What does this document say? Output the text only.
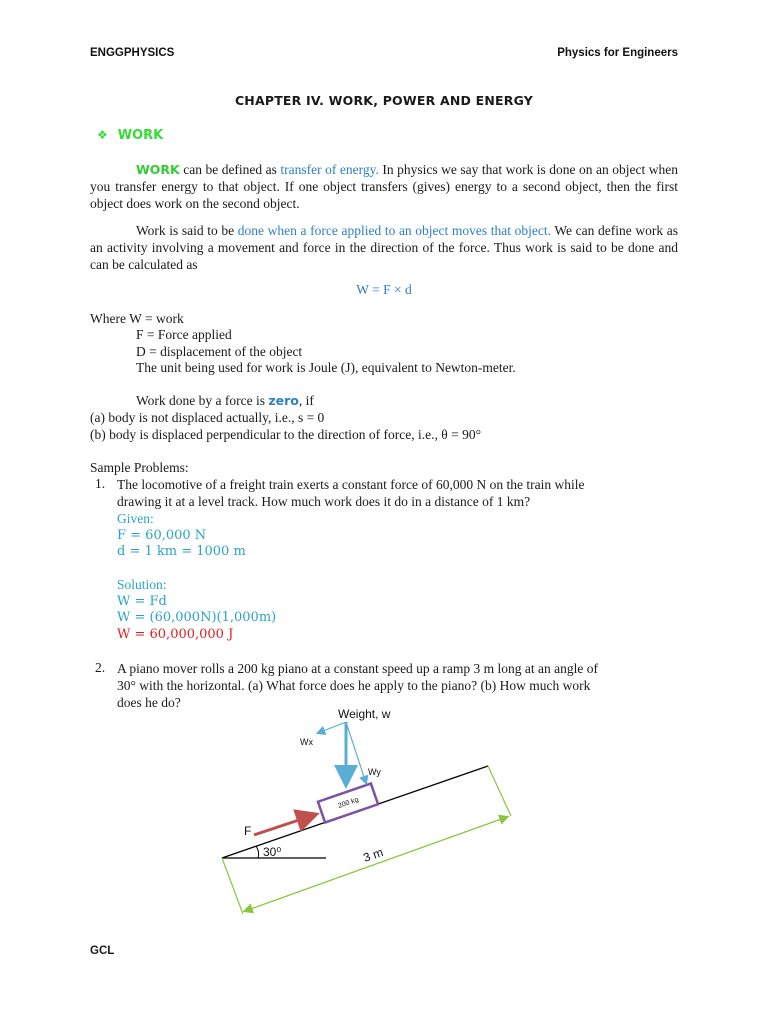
ENGGPHYSICS	Physics for Engineers
CHAPTER IV. WORK, POWER AND ENERGY
❖ WORK
WORK can be defined as transfer of energy. In physics we say that work is done on an object when you transfer energy to that object. If one object transfers (gives) energy to a second object, then the first object does work on the second object.
Work is said to be done when a force applied to an object moves that object. We can define work as an activity involving a movement and force in the direction of the force. Thus work is said to be done and can be calculated as
W = F × d
Where W = work
F = Force applied
D = displacement of the object
The unit being used for work is Joule (J), equivalent to Newton-meter.
Work done by a force is zero, if
(a) body is not displaced actually, i.e., s = 0
(b) body is displaced perpendicular to the direction of force, i.e., θ = 90°
Sample Problems:
1. The locomotive of a freight train exerts a constant force of 60,000 N on the train while
drawing it at a level track. How much work does it do in a distance of 1 km?
Given:
F = 60,000 N
d = 1 km = 1000 m
Solution:
W = Fd
W = (60,000N)(1,000m)
W = 60,000,000 J
2. A piano mover rolls a 200 kg piano at a constant speed up a ramp 3 m long at an angle of
30° with the horizontal. (a) What force does he apply to the piano? (b) How much work
does he do?
Weight, w
Wx
Wy
200 kg
F
30⁰	3 m
GCL
